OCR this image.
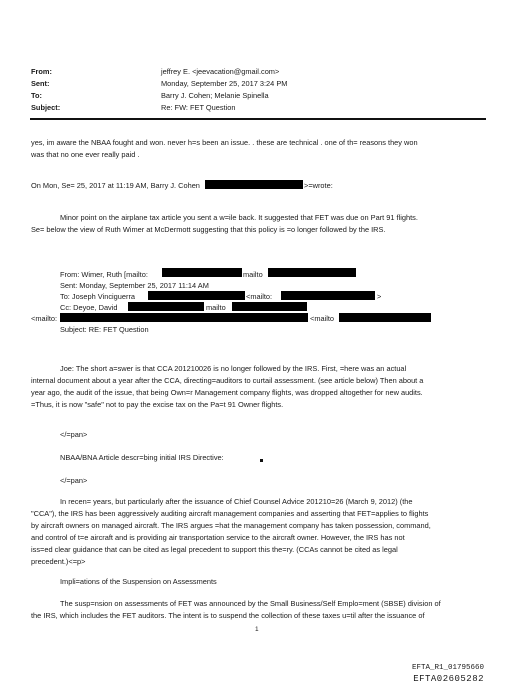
From:	jeffrey E. <jeevacation@gmail.com>
Sent:	Monday, September 25, 2017 3:24 PM
To:	Barry J. Cohen; Melanie Spinella
Subject:	Re: FW: FET Question
yes, im aware the NBAA fought and won. never h=s been an issue. . these are technical . one of th= reasons they won
was that no one ever really paid .
On Mon, Se= 25, 2017 at 11:19 AM, Barry J. Cohen	>=wrote:
Minor point on the airplane tax article you sent a w=ile back. It suggested that FET was due on Part 91 flights.
Se= below the view of Ruth Wimer at McDermott suggesting that this policy is =o longer followed by the IRS.
From: Wimer, Ruth [mailto:	mailto
Sent: Monday, September 25, 2017 11:14 AM
To: Joseph Vinciguerra	<mailto:	>
Cc: Deyoe, David	mailto
<mailto:	<mailto
Subject: RE: FET Question
Joe: The short a=swer is that CCA 201210026 is no longer followed by the IRS. First, =here was an actual
internal document about a year after the CCA, directing=auditors to curtail assessment. (see article below) Then about a
year ago, the audit of the issue, that being Own=r Management company flights, was dropped altogether for new audits.
=Thus, it is now "safe" not to pay the excise tax on the Pa=t 91 Owner flights.
</=pan>
NBAA/BNA Article descr=bing initial IRS Directive:
</=pan>
In recen= years, but particularly after the issuance of Chief Counsel Advice 201210=26 (March 9, 2012) (the
"CCA"), the IRS has been aggressively auditing aircraft management companies and asserting that FET=applies to flights
by aircraft owners on managed aircraft. The IRS argues =hat the management company has taken possession, command,
and control of t=e aircraft and is providing air transportation service to the aircraft owner. However, the IRS has not
iss=ed clear guidance that can be cited as legal precedent to support this the=ry. (CCAs cannot be cited as legal
precedent.)<=p>
Impli=ations of the Suspension on Assessments
The susp=nsion on assessments of FET was announced by the Small Business/Self Emplo=ment (SBSE) division of
the IRS, which includes the FET auditors. The intent is to suspend the collection of these taxes u=til after the issuance of
1
EFTA_R1_01795660
EFTA02605282
